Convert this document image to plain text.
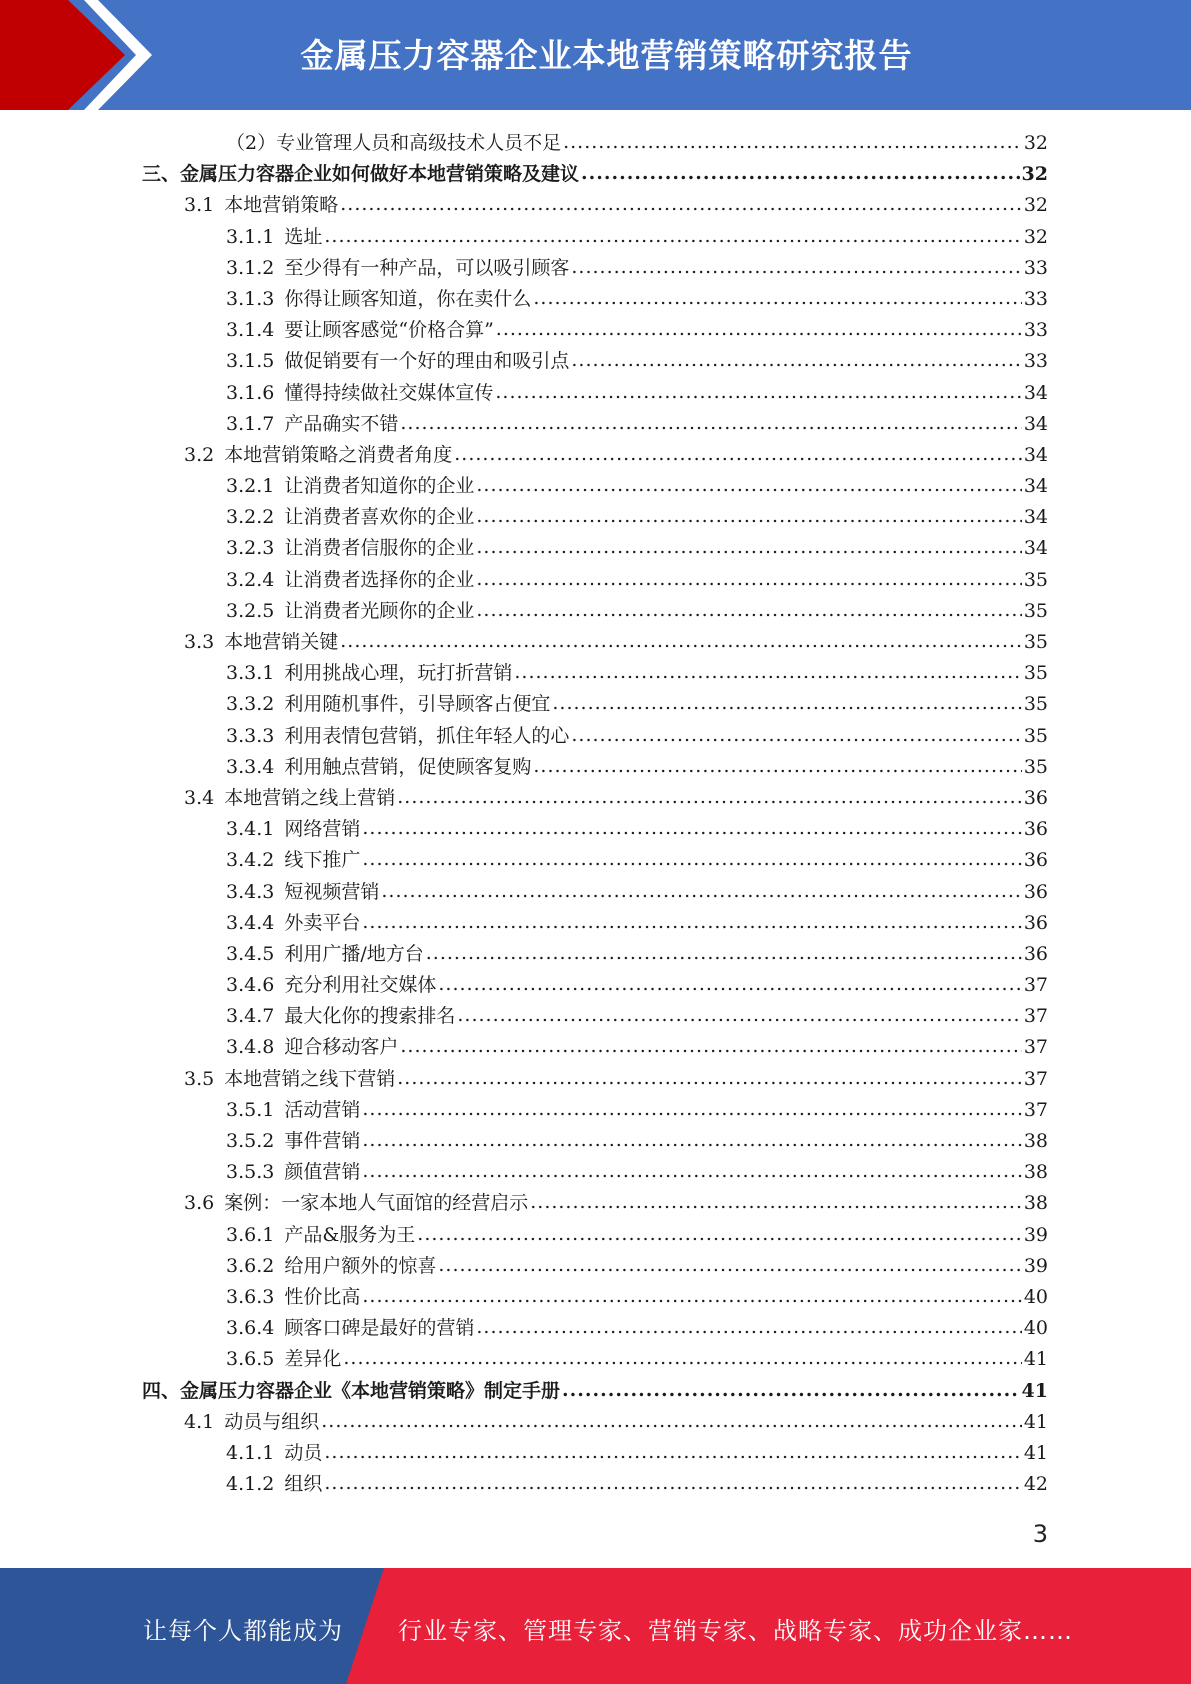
金属压力容器企业本地营销策略研究报告
（2）专业管理人员和高级技术人员不足 .....	32
三、金属压力容器企业如何做好本地营销策略及建议 .....	32
3.1 本地营销策略 .....	32
3.1.1 选址 .....	32
3.1.2 至少得有一种产品，可以吸引顾客 .....	33
3.1.3 你得让顾客知道，你在卖什么 .....	33
3.1.4 要让顾客感觉“价格合算” .....	33
3.1.5 做促销要有一个好的理由和吸引点 .....	33
3.1.6 懂得持续做社交媒体宣传 .....	34
3.1.7 产品确实不错 .....	34
3.2 本地营销策略之消费者角度 .....	34
3.2.1 让消费者知道你的企业 .....	34
3.2.2 让消费者喜欢你的企业 .....	34
3.2.3 让消费者信服你的企业 .....	34
3.2.4 让消费者选择你的企业 .....	35
3.2.5 让消费者光顾你的企业 .....	35
3.3 本地营销关键 .....	35
3.3.1 利用挑战心理，玩打折营销 .....	35
3.3.2 利用随机事件，引导顾客占便宜 .....	35
3.3.3 利用表情包营销，抓住年轻人的心 .....	35
3.3.4 利用触点营销，促使顾客复购 .....	35
3.4 本地营销之线上营销 .....	36
3.4.1 网络营销 .....	36
3.4.2 线下推广 .....	36
3.4.3 短视频营销 .....	36
3.4.4 外卖平台 .....	36
3.4.5 利用广播/地方台 .....	36
3.4.6 充分利用社交媒体 .....	37
3.4.7 最大化你的搜索排名 .....	37
3.4.8 迎合移动客户 .....	37
3.5 本地营销之线下营销 .....	37
3.5.1 活动营销 .....	37
3.5.2 事件营销 .....	38
3.5.3 颜值营销 .....	38
3.6 案例：一家本地人气面馆的经营启示 .....	38
3.6.1 产品&服务为王 .....	39
3.6.2 给用户额外的惊喜 .....	39
3.6.3 性价比高 .....	40
3.6.4 顾客口碑是最好的营销 .....	40
3.6.5 差异化 .....	41
四、金属压力容器企业《本地营销策略》制定手册 .....	41
4.1 动员与组织 .....	41
4.1.1 动员 .....	41
4.1.2 组织 .....	42
3
让每个人都能成为 行业专家、管理专家、营销专家、战略专家、成功企业家……
